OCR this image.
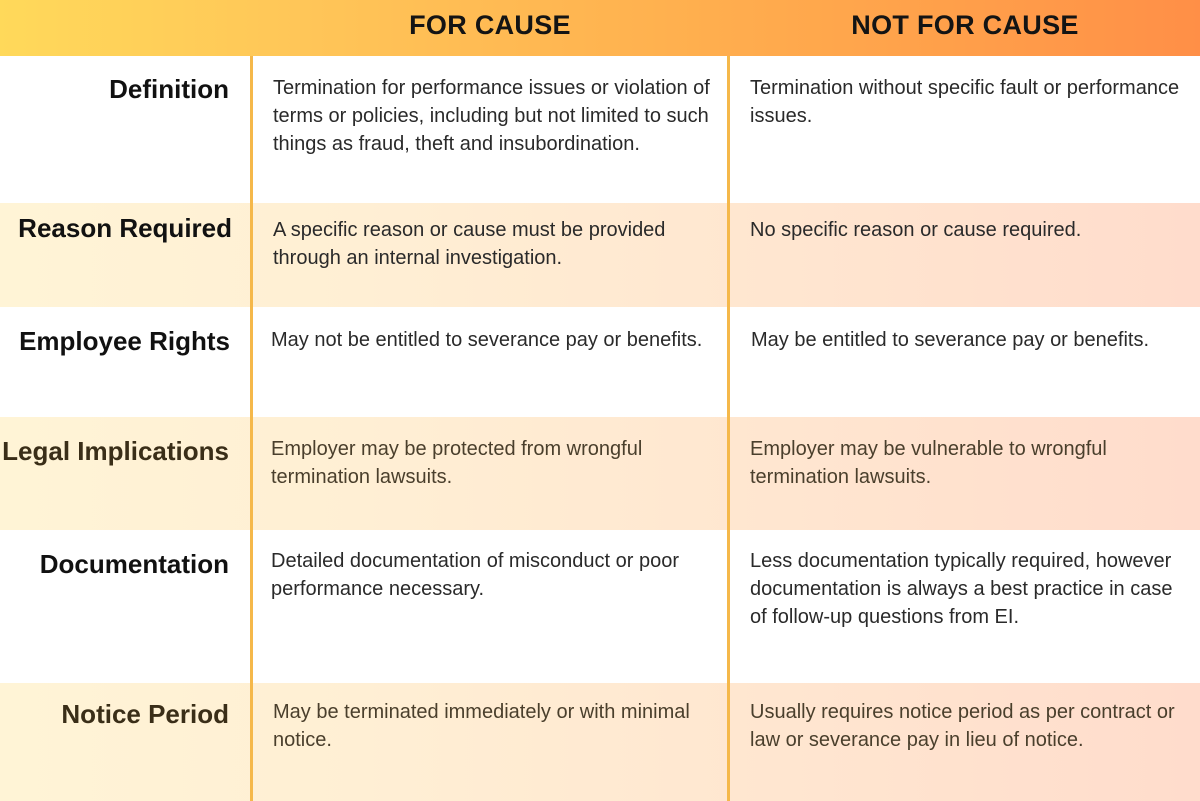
FOR CAUSE	NOT FOR CAUSE
Definition Termination for performance issues or violation of terms or policies, including but not limited to such things as fraud, theft and insubordination.
Termination without specific fault or performance issues.
Reason Required A specific reason or cause must be provided through an internal investigation.
No specific reason or cause required.
Employee Rights May not be entitled to severance pay or benefits.	May be entitled to severance pay or benefits.
Legal Implications Employer may be protected from wrongful termination lawsuits.
Employer may be vulnerable to wrongful termination lawsuits.
Documentation Detailed documentation of misconduct or poor performance necessary.
Less documentation typically required, however documentation is always a best practice in case of follow-up questions from EI.
Notice Period May be terminated immediately or with minimal notice.
Usually requires notice period as per contract or law or severance pay in lieu of notice.
